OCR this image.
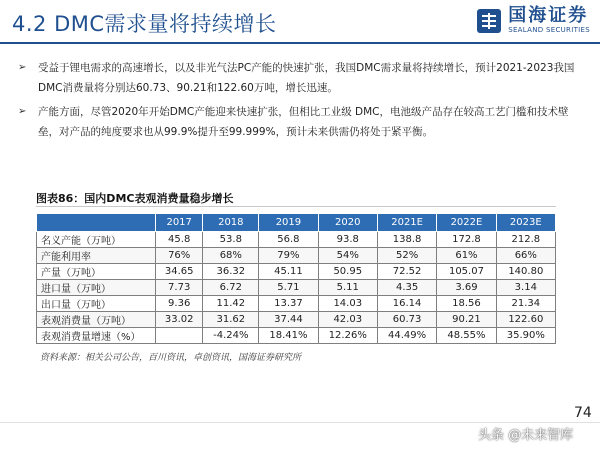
4.2 DMC需求量将持续增长	国海证券
SEALAND SECURITIES
➢ 受益于锂电需求的高速增长，以及非光气法PC产能的快速扩张，我国DMC需求量将持续增长，预计2021-2023我国DMC消费量将分别达60.73、90.21和122.60万吨，增长迅速。
➢ 产能方面，尽管2020年开始DMC产能迎来快速扩张，但相比工业级 DMC，电池级产品存在较高工艺门槛和技术壁垒，对产品的纯度要求也从99.9%提升至99.999%，预计未来供需仍将处于紧平衡。
图表86：国内DMC表观消费量稳步增长
	2017	2018	2019	2020	2021E	2022E	2023E
名义产能（万吨）	45.8	53.8	56.8	93.8	138.8	172.8	212.8
产能利用率	76%	68%	79%	54%	52%	61%	66%
产量（万吨）	34.65	36.32	45.11	50.95	72.52	105.07	140.80
进口量（万吨）	7.73	6.72	5.71	5.11	4.35	3.69	3.14
出口量（万吨）	9.36	11.42	13.37	14.03	16.14	18.56	21.34
表观消费量（万吨）	33.02	31.62	37.44	42.03	60.73	90.21	122.60
表观消费量增速（%）		-4.24%	18.41%	12.26%	44.49%	48.55%	35.90%
资料来源：相关公司公告，百川资讯，卓创资讯，国海证券研究所
74
头条 @未来智库
